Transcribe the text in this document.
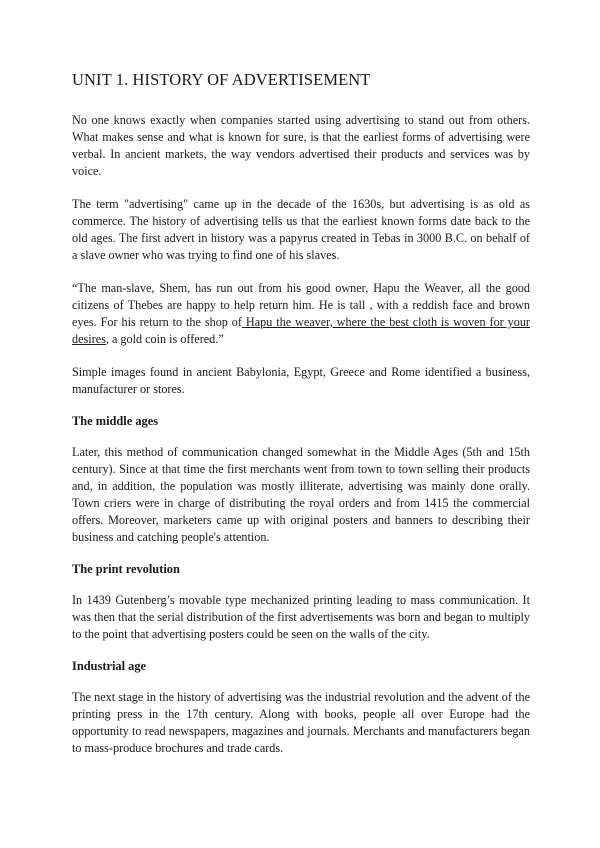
UNIT 1. HISTORY OF ADVERTISEMENT

No one knows exactly when companies started using advertising to stand out from others. What makes sense and what is known for sure, is that the earliest forms of advertising were verbal. In ancient markets, the way vendors advertised their products and services was by voice.

The term "advertising" came up in the decade of the 1630s, but advertising is as old as commerce. The history of advertising tells us that the earliest known forms date back to the old ages. The first advert in history was a papyrus created in Tebas in 3000 B.C. on behalf of a slave owner who was trying to find one of his slaves.

“The man-slave, Shem, has run out from his good owner, Hapu the Weaver, all the good citizens of Thebes are happy to help return him. He is tall , with a reddish face and brown eyes. For his return to the shop of Hapu the weaver, where the best cloth is woven for your desires, a gold coin is offered.”

Simple images found in ancient Babylonia, Egypt, Greece and Rome identified a business, manufacturer or stores.

The middle ages

Later, this method of communication changed somewhat in the Middle Ages (5th and 15th century). Since at that time the first merchants went from town to town selling their products and, in addition, the population was mostly illiterate, advertising was mainly done orally. Town criers were in charge of distributing the royal orders and from 1415 the commercial offers. Moreover, marketers came up with original posters and banners to describing their business and catching people's attention.

The print revolution

In 1439 Gutenberg’s movable type mechanized printing leading to mass communication. It was then that the serial distribution of the first advertisements was born and began to multiply to the point that advertising posters could be seen on the walls of the city.

Industrial age

The next stage in the history of advertising was the industrial revolution and the advent of the printing press in the 17th century. Along with books, people all over Europe had the opportunity to read newspapers, magazines and journals. Merchants and manufacturers began to mass-produce brochures and trade cards.
